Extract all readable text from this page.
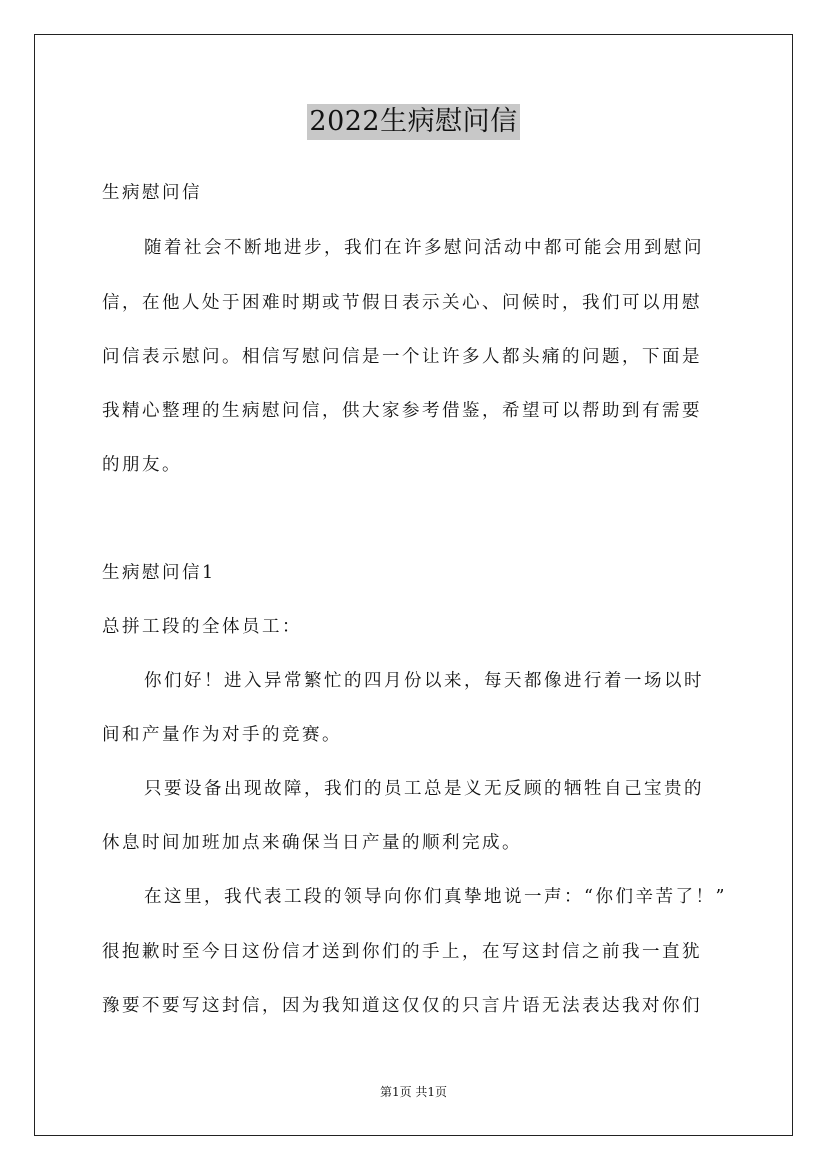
2022生病慰问信
生病慰问信
随着社会不断地进步，我们在许多慰问活动中都可能会用到慰问
信，在他人处于困难时期或节假日表示关心、问候时，我们可以用慰
问信表示慰问。相信写慰问信是一个让许多人都头痛的问题，下面是
我精心整理的生病慰问信，供大家参考借鉴，希望可以帮助到有需要
的朋友。
生病慰问信1
总拼工段的全体员工：
你们好！进入异常繁忙的四月份以来，每天都像进行着一场以时
间和产量作为对手的竞赛。
只要设备出现故障，我们的员工总是义无反顾的牺牲自己宝贵的
休息时间加班加点来确保当日产量的顺利完成。
在这里，我代表工段的领导向你们真挚地说一声：“你们辛苦了！”
很抱歉时至今日这份信才送到你们的手上，在写这封信之前我一直犹
豫要不要写这封信，因为我知道这仅仅的只言片语无法表达我对你们
第1页 共1页
